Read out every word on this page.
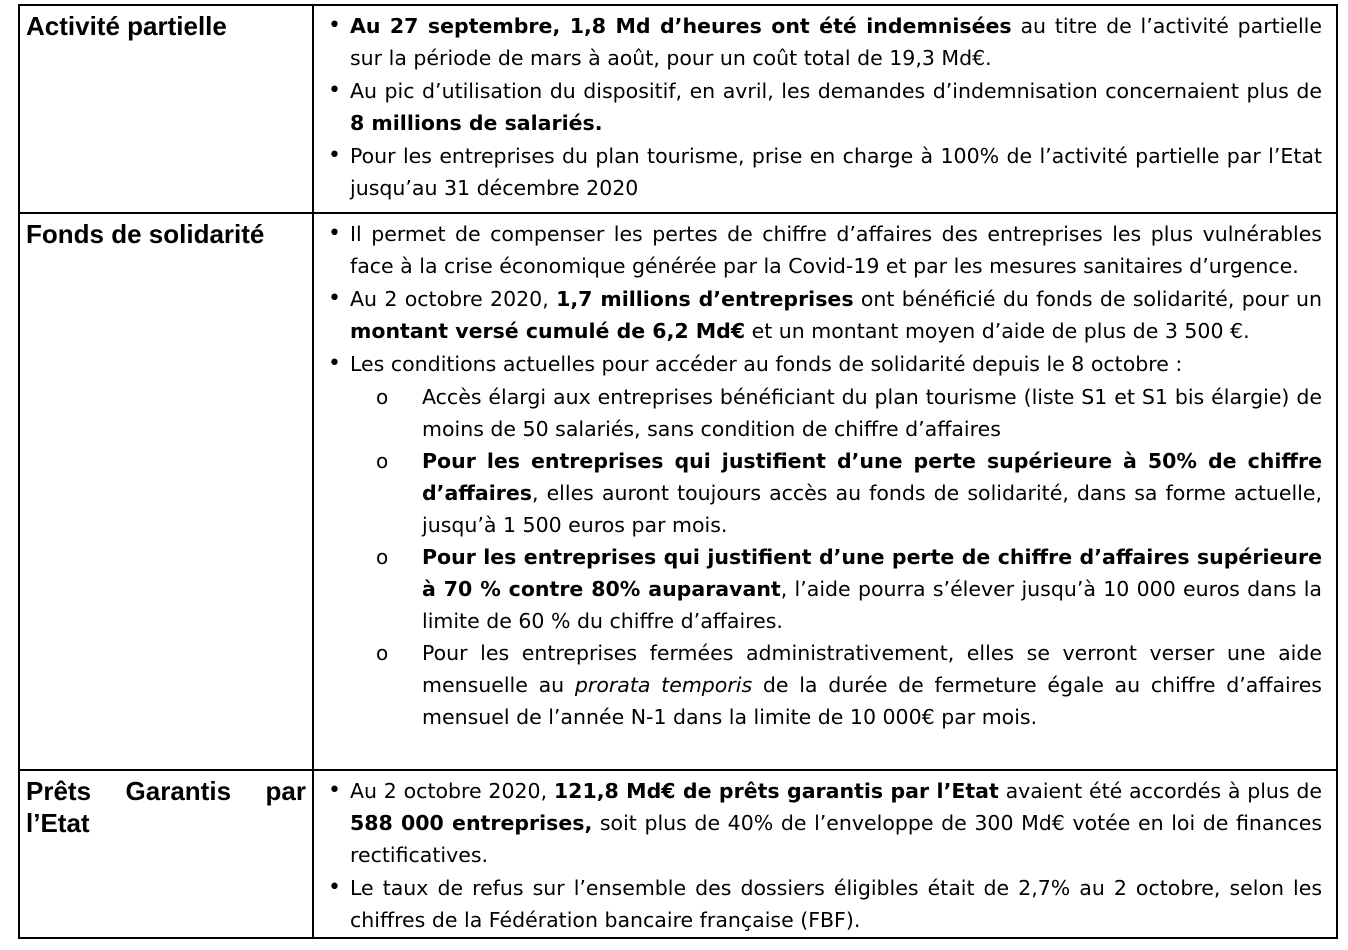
Activité partielle	• Au 27 septembre, 1,8 Md d’heures ont été indemnisées au titre de l’activité partielle sur la période de mars à août, pour un coût total de 19,3 Md€.

• Au pic d’utilisation du dispositif, en avril, les demandes d’indemnisation concernaient plus de 8 millions de salariés.

• Pour les entreprises du plan tourisme, prise en charge à 100% de l’activité partielle par l’Etat jusqu’au 31 décembre 2020

Fonds de solidarité	• Il permet de compenser les pertes de chiffre d’affaires des entreprises les plus vulnérables face à la crise économique générée par la Covid-19 et par les mesures sanitaires d’urgence.

• Au 2 octobre 2020, 1,7 millions d’entreprises ont bénéficié du fonds de solidarité, pour un montant versé cumulé de 6,2 Md€ et un montant moyen d’aide de plus de 3 500 €.

• Les conditions actuelles pour accéder au fonds de solidarité depuis le 8 octobre :

o Accès élargi aux entreprises bénéficiant du plan tourisme (liste S1 et S1 bis élargie) de moins de 50 salariés, sans condition de chiffre d’affaires

o Pour les entreprises qui justifient d’une perte supérieure à 50% de chiffre d’affaires, elles auront toujours accès au fonds de solidarité, dans sa forme actuelle, jusqu’à 1 500 euros par mois.

o Pour les entreprises qui justifient d’une perte de chiffre d’affaires supérieure à 70 % contre 80% auparavant, l’aide pourra s’élever jusqu’à 10 000 euros dans la limite de 60 % du chiffre d’affaires.

o Pour les entreprises fermées administrativement, elles se verront verser une aide mensuelle au prorata temporis de la durée de fermeture égale au chiffre d’affaires mensuel de l’année N-1 dans la limite de 10 000€ par mois.

Prêts Garantis par l’Etat

• Au 2 octobre 2020, 121,8 Md€ de prêts garantis par l’Etat avaient été accordés à plus de 588 000 entreprises, soit plus de 40% de l’enveloppe de 300 Md€ votée en loi de finances rectificatives.

• Le taux de refus sur l’ensemble des dossiers éligibles était de 2,7% au 2 octobre, selon les chiffres de la Fédération bancaire française (FBF).
